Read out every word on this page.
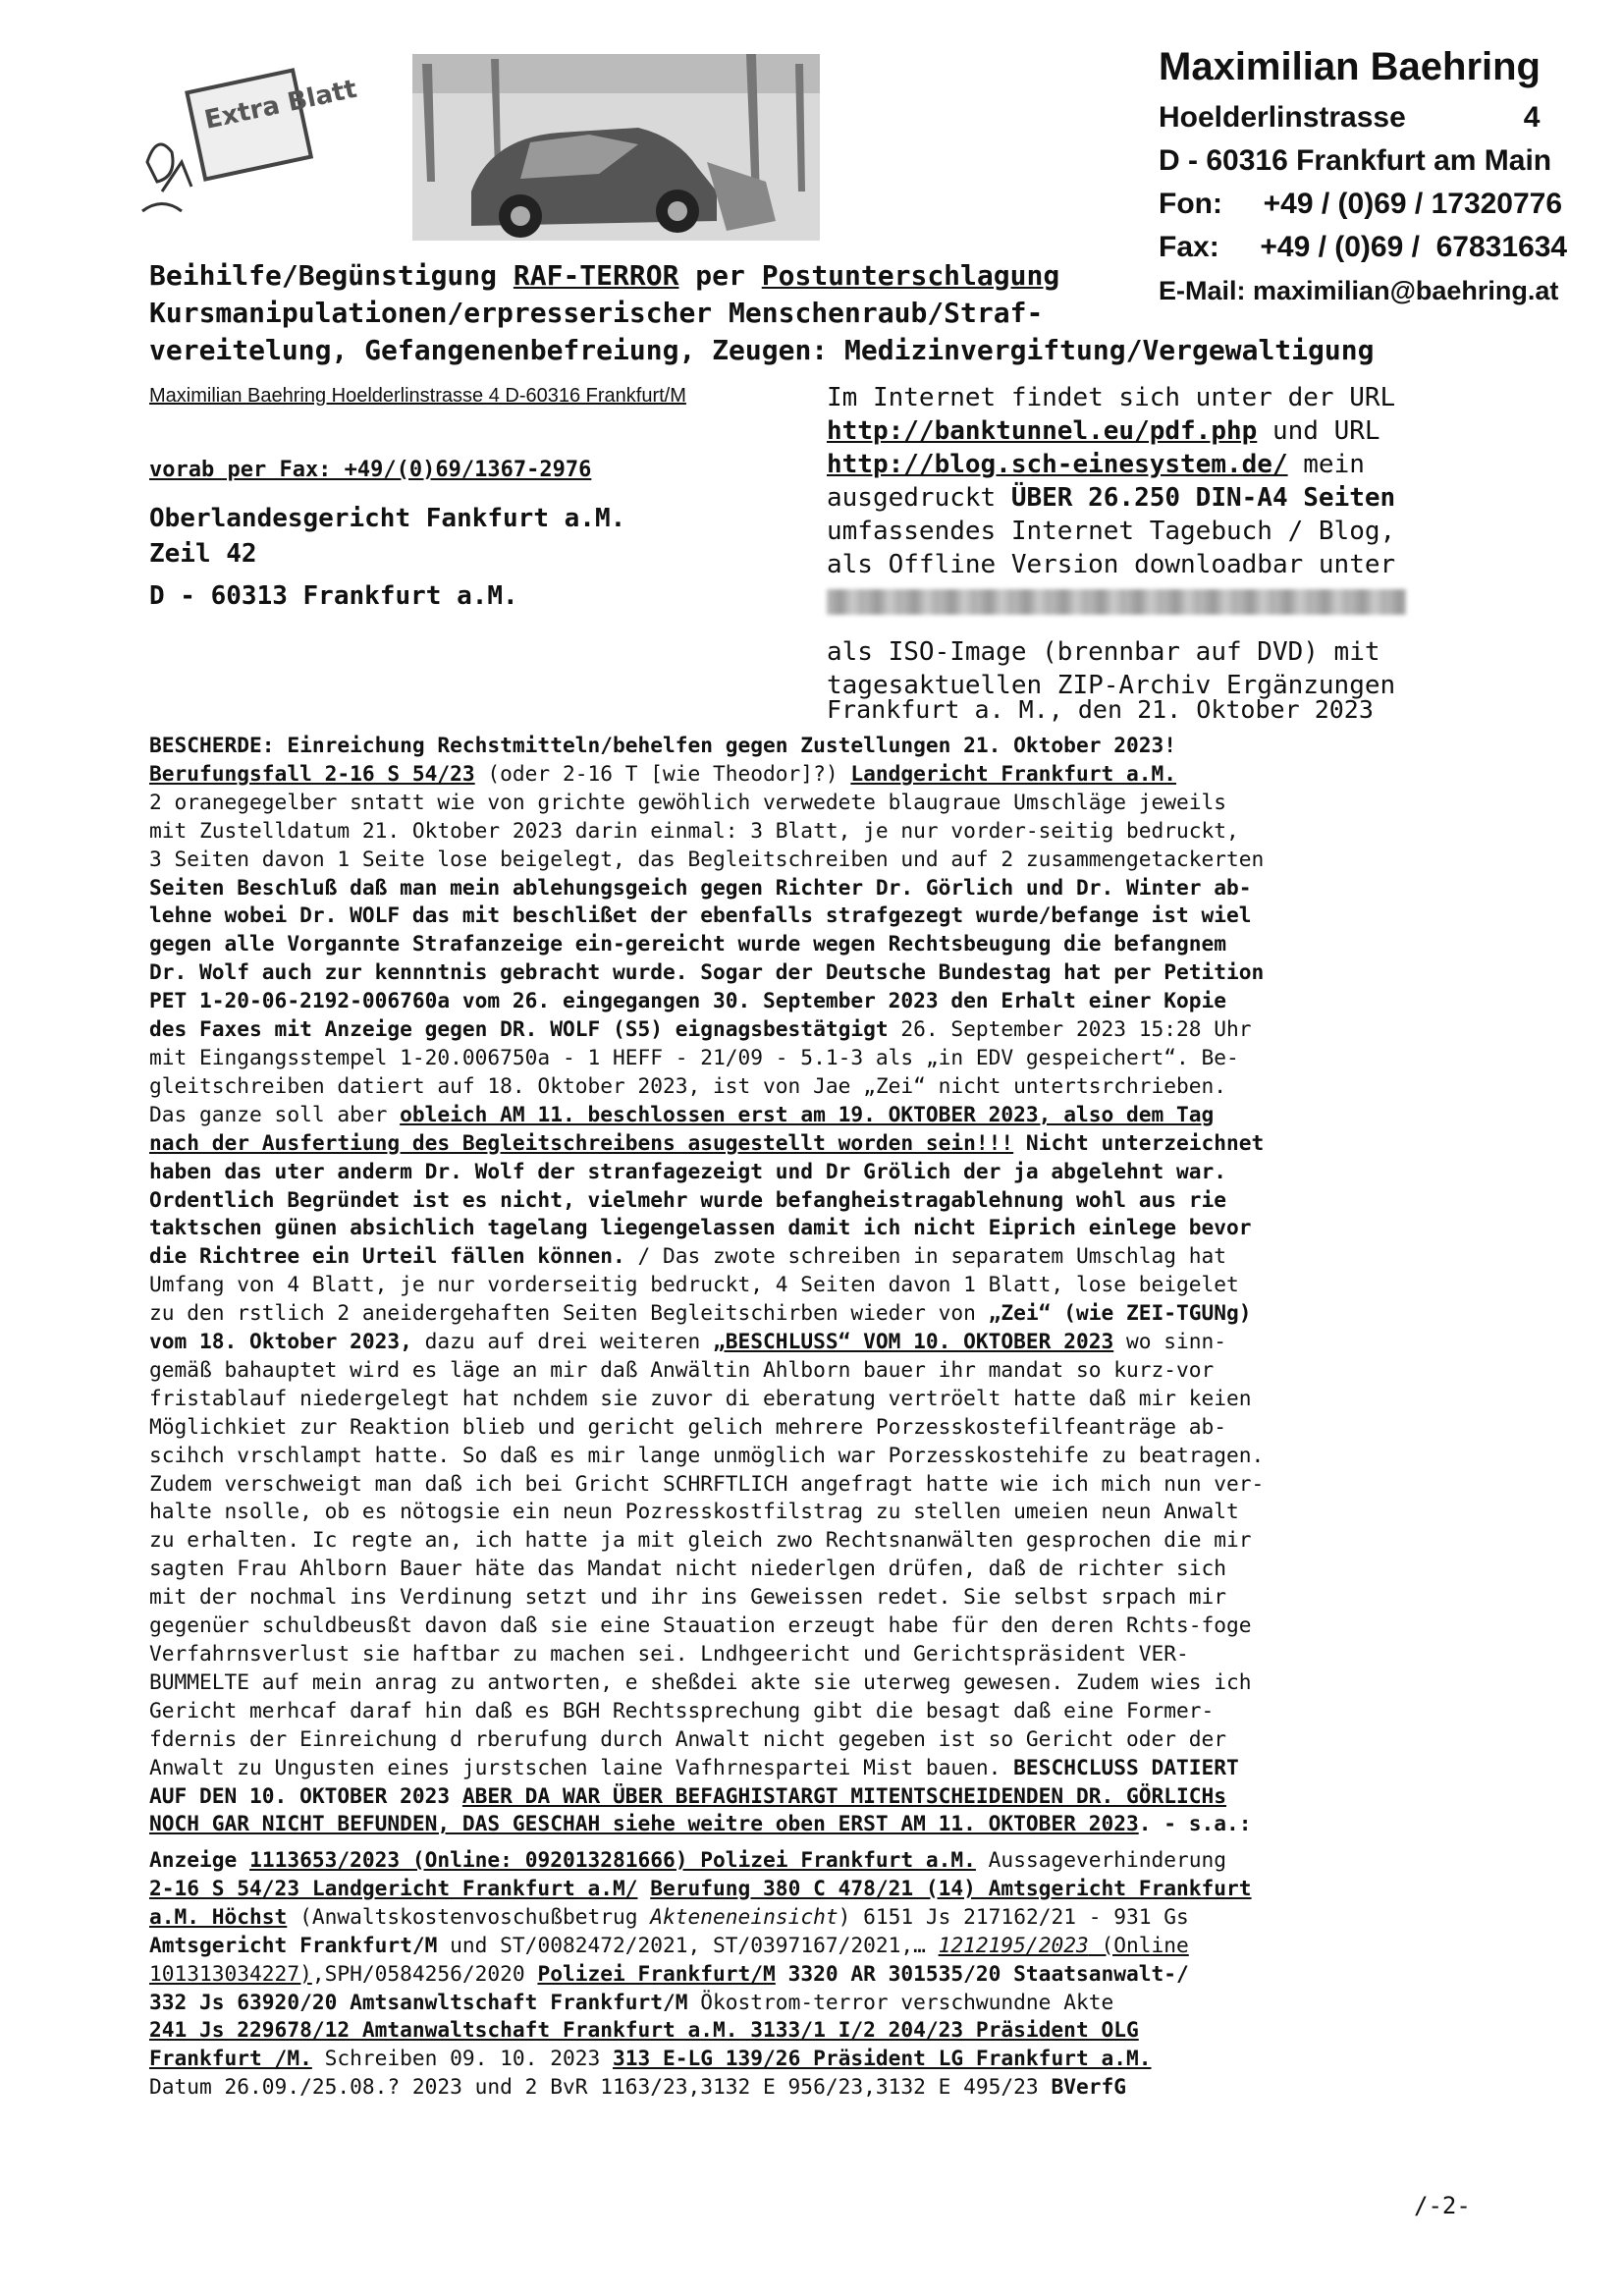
Extra Blatt
Maximilian Baehring
Hoelderlinstrasse	4
D - 60316 Frankfurt am Main
Fon:     +49 / (0)69 / 17320776
Fax:     +49 / (0)69 /  67831634
E-Mail: maximilian@baehring.at
Beihilfe/Begünstigung RAF-TERROR per Postunterschlagung
Kursmanipulationen/erpresserischer Menschenraub/Straf-
vereitelung, Gefangenenbefreiung, Zeugen: Medizinvergiftung/Vergewaltigung
Maximilian Baehring Hoelderlinstrasse 4 D-60316 Frankfurt/M
vorab per Fax: +49/(0)69/1367-2976
Oberlandesgericht Fankfurt a.M.
Zeil 42
D - 60313 Frankfurt a.M.
Im Internet findet sich unter der URL
http://banktunnel.eu/pdf.php und URL
http://blog.sch-einesystem.de/ mein
ausgedruckt ÜBER 26.250 DIN-A4 Seiten
umfassendes Internet Tagebuch / Blog,
als Offline Version downloadbar unter
als ISO-Image (brennbar auf DVD) mit
tagesaktuellen ZIP-Archiv Ergänzungen
Frankfurt a. M., den 21. Oktober 2023

BESCHERDE: Einreichung Rechstmitteln/behelfen gegen Zustellungen 21. Oktober 2023!

Berufungsfall 2-16 S 54/23 (oder 2-16 T [wie Theodor]?) Landgericht Frankfurt a.M.

2 oranegegelber sntatt wie von grichte gewöhlich verwedete blaugraue Umschläge jeweils

mit Zustelldatum 21. Oktober 2023 darin einmal: 3 Blatt, je nur vorder-seitig bedruckt,

3 Seiten davon 1 Seite lose beigelegt, das Begleitschreiben und auf 2 zusammengetackerten

Seiten Beschluß daß man mein ablehungsgeich gegen Richter Dr. Görlich und Dr. Winter ab-

lehne wobei Dr. WOLF das mit beschlißet der ebenfalls strafgezegt wurde/befange ist wiel

gegen alle Vorgannte Strafanzeige ein-gereicht wurde wegen Rechtsbeugung die befangnem

Dr. Wolf auch zur kennntnis gebracht wurde. Sogar der Deutsche Bundestag hat per Petition

PET 1-20-06-2192-006760a vom 26. eingegangen 30. September 2023 den Erhalt einer Kopie

des Faxes mit Anzeige gegen DR. WOLF (S5) eignagsbestätgigt 26. September 2023 15:28 Uhr

mit Eingangsstempel 1-20.006750a - 1 HEFF - 21/09 - 5.1-3 als „in EDV gespeichert“. Be-

gleitschreiben datiert auf 18. Oktober 2023, ist von Jae „Zei“ nicht untertsrchrieben.

Das ganze soll aber obleich AM 11. beschlossen erst am 19. OKTOBER 2023, also dem Tag

nach der Ausfertiung des Begleitschreibens asugestellt worden sein!!! Nicht unterzeichnet

haben das uter anderm Dr. Wolf der stranfagezeigt und Dr Grölich der ja abgelehnt war.

Ordentlich Begründet ist es nicht, vielmehr wurde befangheistragablehnung wohl aus rie

taktschen günen absichlich tagelang liegengelassen damit ich nicht Eiprich einlege bevor

die Richtree ein Urteil fällen können. / Das zwote schreiben in separatem Umschlag hat

Umfang von 4 Blatt, je nur vorderseitig bedruckt, 4 Seiten davon 1 Blatt, lose beigelet

zu den rstlich 2 aneidergehaften Seiten Begleitschirben wieder von „Zei“ (wie ZEI-TGUNg)

vom 18. Oktober 2023, dazu auf drei weiteren „BESCHLUSS“ VOM 10. OKTOBER 2023 wo sinn-

gemäß bahauptet wird es läge an mir daß Anwältin Ahlborn bauer ihr mandat so kurz-vor

fristablauf niedergelegt hat nchdem sie zuvor di eberatung vertröelt hatte daß mir keien

Möglichkiet zur Reaktion blieb und gericht gelich mehrere Porzesskostefilfeanträge ab-

scihch vrschlampt hatte. So daß es mir lange unmöglich war Porzesskostehife zu beatragen.

Zudem verschweigt man daß ich bei Gricht SCHRFTLICH angefragt hatte wie ich mich nun ver-

halte nsolle, ob es nötogsie ein neun Pozresskostfilstrag zu stellen umeien neun Anwalt

zu erhalten. Ic regte an, ich hatte ja mit gleich zwo Rechtsnanwälten gesprochen die mir

sagten Frau Ahlborn Bauer häte das Mandat nicht niederlgen drüfen, daß de richter sich

mit der nochmal ins Verdinung setzt und ihr ins Geweissen redet. Sie selbst srpach mir

gegenüer schuldbeusßt davon daß sie eine Stauation erzeugt habe für den deren Rchts-foge

Verfahrnsverlust sie haftbar zu machen sei. Lndhgeericht und Gerichtspräsident VER-

BUMMELTE auf mein anrag zu antworten, e sheßdei akte sie uterweg gewesen. Zudem wies ich

Gericht merhcaf daraf hin daß es BGH Rechtssprechung gibt die besagt daß eine Former-

fdernis der Einreichung d rberufung durch Anwalt nicht gegeben ist so Gericht oder der

Anwalt zu Ungusten eines jurstschen laine Vafhrnespartei Mist bauen. BESCHCLUSS DATIERT

AUF DEN 10. OKTOBER 2023 ABER DA WAR ÜBER BEFAGHISTARGT MITENTSCHEIDENDEN DR. GÖRLICHs

NOCH GAR NICHT BEFUNDEN, DAS GESCHAH siehe weitre oben ERST AM 11. OKTOBER 2023. - s.a.:

Anzeige 1113653/2023 (Online: 092013281666) Polizei Frankfurt a.M. Aussageverhinderung

2-16 S 54/23 Landgericht Frankfurt a.M/ Berufung 380 C 478/21 (14) Amtsgericht Frankfurt

a.M. Höchst (Anwaltskostenvoschußbetrug Akteneneinsicht) 6151 Js 217162/21 - 931 Gs

Amtsgericht Frankfurt/M und ST/0082472/2021, ST/0397167/2021,… 1212195/2023 (Online

101313034227),SPH/0584256/2020 Polizei Frankfurt/M 3320 AR 301535/20 Staatsanwalt-/

332 Js 63920/20 Amtsanwltschaft Frankfurt/M Ökostrom-terror verschwundne Akte

241 Js 229678/12 Amtanwaltschaft Frankfurt a.M. 3133/1 I/2 204/23 Präsident OLG

Frankfurt /M. Schreiben 09. 10. 2023 313 E-LG 139/26 Präsident LG Frankfurt a.M.

Datum 26.09./25.08.? 2023 und 2 BvR 1163/23,3132 E 956/23,3132 E 495/23 BVerfG

/-2-
